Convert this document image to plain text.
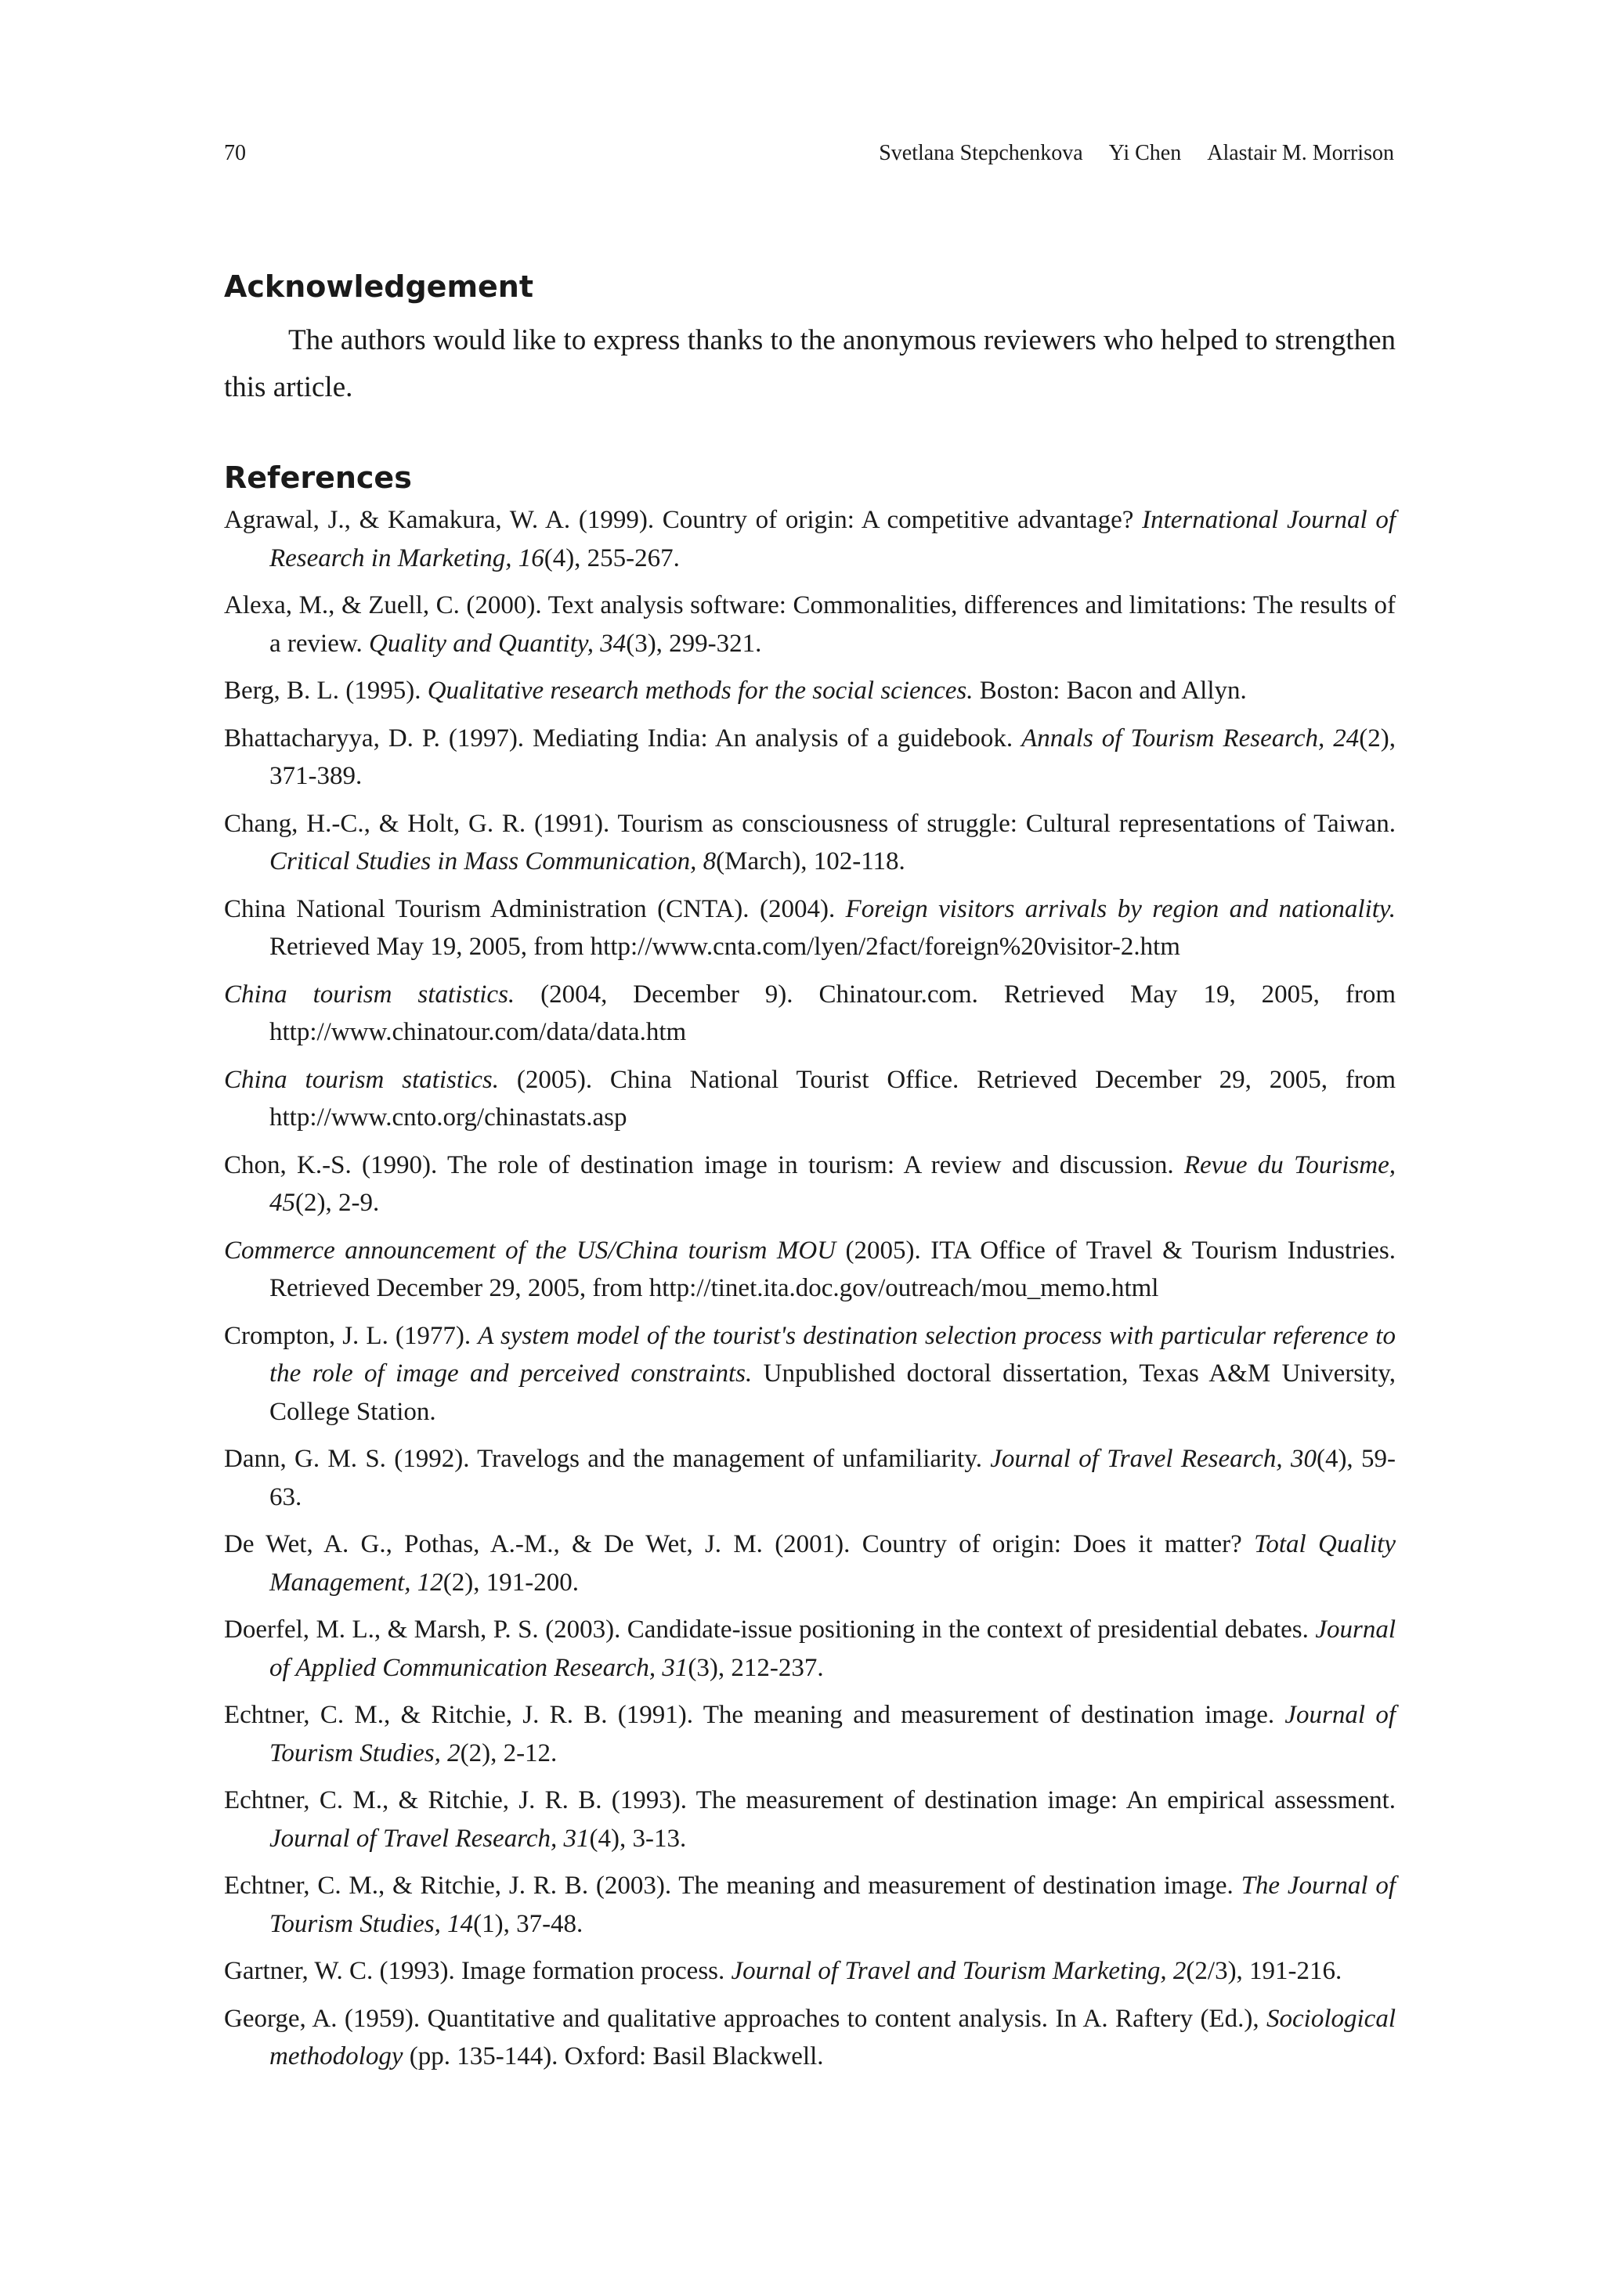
70	Svetlana Stepchenkova Yi Chen Alastair M. Morrison
Acknowledgement

The authors would like to express thanks to the anonymous reviewers who helped to strengthen this article.

References

Agrawal, J., & Kamakura, W. A. (1999). Country of origin: A competitive advantage? International Journal of Research in Marketing, 16(4), 255-267.

Alexa, M., & Zuell, C. (2000). Text analysis software: Commonalities, differences and limitations: The results of a review. Quality and Quantity, 34(3), 299-321.

Berg, B. L. (1995). Qualitative research methods for the social sciences. Boston: Bacon and Allyn.

Bhattacharyya, D. P. (1997). Mediating India: An analysis of a guidebook. Annals of Tourism Research, 24(2), 371-389.

Chang, H.-C., & Holt, G. R. (1991). Tourism as consciousness of struggle: Cultural representations of Taiwan. Critical Studies in Mass Communication, 8(March), 102-118.

China National Tourism Administration (CNTA). (2004). Foreign visitors arrivals by region and nationality. Retrieved May 19, 2005, from http://www.cnta.com/lyen/2fact/foreign%20visitor-2.htm

China tourism statistics. (2004, December 9). Chinatour.com. Retrieved May 19, 2005, from http://www.chinatour.com/data/data.htm

China tourism statistics. (2005). China National Tourist Office. Retrieved December 29, 2005, from http://www.cnto.org/chinastats.asp

Chon, K.-S. (1990). The role of destination image in tourism: A review and discussion. Revue du Tourisme, 45(2), 2-9.

Commerce announcement of the US/China tourism MOU (2005). ITA Office of Travel & Tourism Industries. Retrieved December 29, 2005, from http://tinet.ita.doc.gov/outreach/mou_memo.html

Crompton, J. L. (1977). A system model of the tourist's destination selection process with particular reference to the role of image and perceived constraints. Unpublished doctoral dissertation, Texas A&M University, College Station.

Dann, G. M. S. (1992). Travelogs and the management of unfamiliarity. Journal of Travel Research, 30(4), 59-63.

De Wet, A. G., Pothas, A.-M., & De Wet, J. M. (2001). Country of origin: Does it matter? Total Quality Management, 12(2), 191-200.

Doerfel, M. L., & Marsh, P. S. (2003). Candidate-issue positioning in the context of presidential debates. Journal of Applied Communication Research, 31(3), 212-237.

Echtner, C. M., & Ritchie, J. R. B. (1991). The meaning and measurement of destination image. Journal of Tourism Studies, 2(2), 2-12.

Echtner, C. M., & Ritchie, J. R. B. (1993). The measurement of destination image: An empirical assessment. Journal of Travel Research, 31(4), 3-13.

Echtner, C. M., & Ritchie, J. R. B. (2003). The meaning and measurement of destination image. The Journal of Tourism Studies, 14(1), 37-48.

Gartner, W. C. (1993). Image formation process. Journal of Travel and Tourism Marketing, 2(2/3), 191-216.

George, A. (1959). Quantitative and qualitative approaches to content analysis. In A. Raftery (Ed.), Sociological methodology (pp. 135-144). Oxford: Basil Blackwell.
